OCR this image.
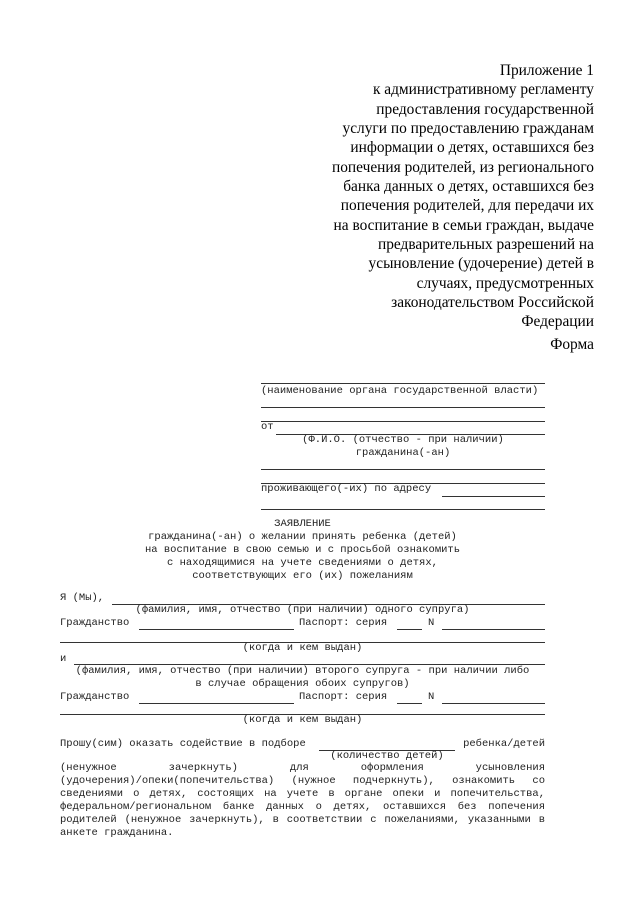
Приложение 1
к административному регламенту
предоставления государственной
услуги по предоставлению гражданам
информации о детях, оставшихся без
попечения родителей, из регионального
банка данных о детях, оставшихся без
попечения родителей, для передачи их
на воспитание в семьи граждан, выдаче
предварительных разрешений на
усыновление (удочерение) детей в
случаях, предусмотренных
законодательством Российской
Федерации
Форма
(наименование органа государственной власти)
от
(Ф.И.О. (отчество - при наличии)
гражданина(-ан)
проживающего(-их) по адресу
ЗАЯВЛЕНИЕ
гражданина(-ан) о желании принять ребенка (детей)
на воспитание в свою семью и с просьбой ознакомить
с находящимися на учете сведениями о детях,
соответствующих его (их) пожеланиям
Я (Мы),
(фамилия, имя, отчество (при наличии) одного супруга)
Гражданство	Паспорт: серия	N
(когда и кем выдан)
и
(фамилия, имя, отчество (при наличии) второго супруга - при наличии либо
в случае обращения обоих супругов)
Гражданство	Паспорт: серия	N
(когда и кем выдан)
Прошу(сим) оказать содействие в подборе	ребенка/детей
(количество детей)
(ненужное зачеркнуть) для оформления усыновления
(удочерения)/опеки(попечительства) (нужное подчеркнуть), ознакомить со
сведениями о детях, состоящих на учете в органе опеки и попечительства,
федеральном/региональном банке данных о детях, оставшихся без попечения
родителей (ненужное зачеркнуть), в соответствии с пожеланиями, указанными в
анкете гражданина.
